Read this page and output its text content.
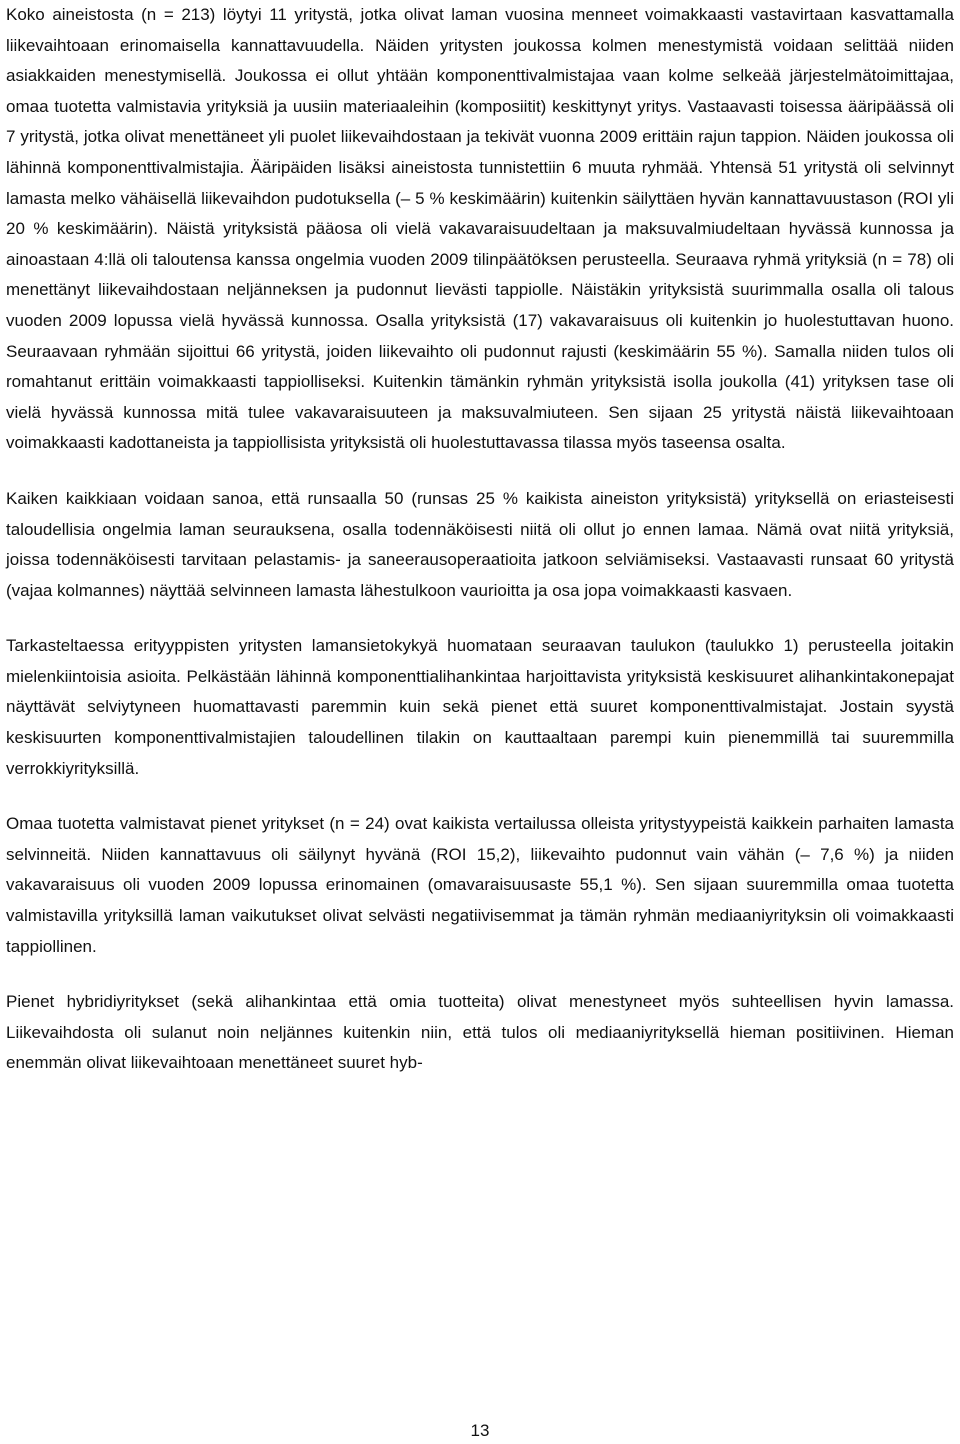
Koko aineistosta (n = 213) löytyi 11 yritystä, jotka olivat laman vuosina menneet voimakkaasti vastavirtaan kasvattamalla liikevaihtoaan erinomaisella kannattavuudella. Näiden yritysten joukossa kolmen menestymistä voidaan selittää niiden asiakkaiden menestymisellä. Joukossa ei ollut yhtään komponenttivalmistajaa vaan kolme selkeää järjestelmätoimittajaa, omaa tuotetta valmistavia yrityksiä ja uusiin materiaaleihin (komposiitit) keskittynyt yritys. Vastaavasti toisessa ääripäässä oli 7 yritystä, jotka olivat menettäneet yli puolet liikevaihdostaan ja tekivät vuonna 2009 erittäin rajun tappion. Näiden joukossa oli lähinnä komponenttivalmistajia. Ääripäiden lisäksi aineistosta tunnistettiin 6 muuta ryhmää. Yhtensä 51 yritystä oli selvinnyt lamasta melko vähäisellä liikevaihdon pudotuksella (– 5 % keskimäärin) kuitenkin säilyttäen hyvän kannattavuustason (ROI yli 20 % keskimäärin). Näistä yrityksistä pääosa oli vielä vakavaraisuudeltaan ja maksuvalmiudeltaan hyvässä kunnossa ja ainoastaan 4:llä oli taloutensa kanssa ongelmia vuoden 2009 tilinpäätöksen perusteella. Seuraava ryhmä yrityksiä (n = 78) oli menettänyt liikevaihdostaan neljänneksen ja pudonnut lievästi tappiolle. Näistäkin yrityksistä suurimmalla osalla oli talous vuoden 2009 lopussa vielä hyvässä kunnossa. Osalla yrityksistä (17) vakavaraisuus oli kuitenkin jo huolestuttavan huono. Seuraavaan ryhmään sijoittui 66 yritystä, joiden liikevaihto oli pudonnut rajusti (keskimäärin 55 %). Samalla niiden tulos oli romahtanut erittäin voimakkaasti tappiolliseksi. Kuitenkin tämänkin ryhmän yrityksistä isolla joukolla (41) yrityksen tase oli vielä hyvässä kunnossa mitä tulee vakavaraisuuteen ja maksuvalmiuteen. Sen sijaan 25 yritystä näistä liikevaihtoaan voimakkaasti kadottaneista ja tappiollisista yrityksistä oli huolestuttavassa tilassa myös taseensa osalta.

Kaiken kaikkiaan voidaan sanoa, että runsaalla 50 (runsas 25 % kaikista aineiston yrityksistä) yrityksellä on eriasteisesti taloudellisia ongelmia laman seurauksena, osalla todennäköisesti niitä oli ollut jo ennen lamaa. Nämä ovat niitä yrityksiä, joissa todennäköisesti tarvitaan pelastamis- ja saneerausoperaatioita jatkoon selviämiseksi. Vastaavasti runsaat 60 yritystä (vajaa kolmannes) näyttää selvinneen lamasta lähestulkoon vaurioitta ja osa jopa voimakkaasti kasvaen.

Tarkasteltaessa erityyppisten yritysten lamansietokykyä huomataan seuraavan taulukon (taulukko 1) perusteella joitakin mielenkiintoisia asioita. Pelkästään lähinnä komponenttialihankintaa harjoittavista yrityksistä keskisuuret alihankintakonepajat näyttävät selviytyneen huomattavasti paremmin kuin sekä pienet että suuret komponenttivalmistajat. Jostain syystä keskisuurten komponenttivalmistajien taloudellinen tilakin on kauttaaltaan parempi kuin pienemmillä tai suuremmilla verrokkiyrityksillä.

Omaa tuotetta valmistavat pienet yritykset (n = 24) ovat kaikista vertailussa olleista yritystyypeistä kaikkein parhaiten lamasta selvinneitä. Niiden kannattavuus oli säilynyt hyvänä (ROI 15,2), liikevaihto pudonnut vain vähän (– 7,6 %) ja niiden vakavaraisuus oli vuoden 2009 lopussa erinomainen (omavaraisuusaste 55,1 %). Sen sijaan suuremmilla omaa tuotetta valmistavilla yrityksillä laman vaikutukset olivat selvästi negatiivisemmat ja tämän ryhmän mediaaniyrityksin oli voimakkaasti tappiollinen.

Pienet hybridiyritykset (sekä alihankintaa että omia tuotteita) olivat menestyneet myös suhteellisen hyvin lamassa. Liikevaihdosta oli sulanut noin neljännes kuitenkin niin, että tulos oli mediaaniyrityksellä hieman positiivinen. Hieman enemmän olivat liikevaihtoaan menettäneet suuret hyb-

13
